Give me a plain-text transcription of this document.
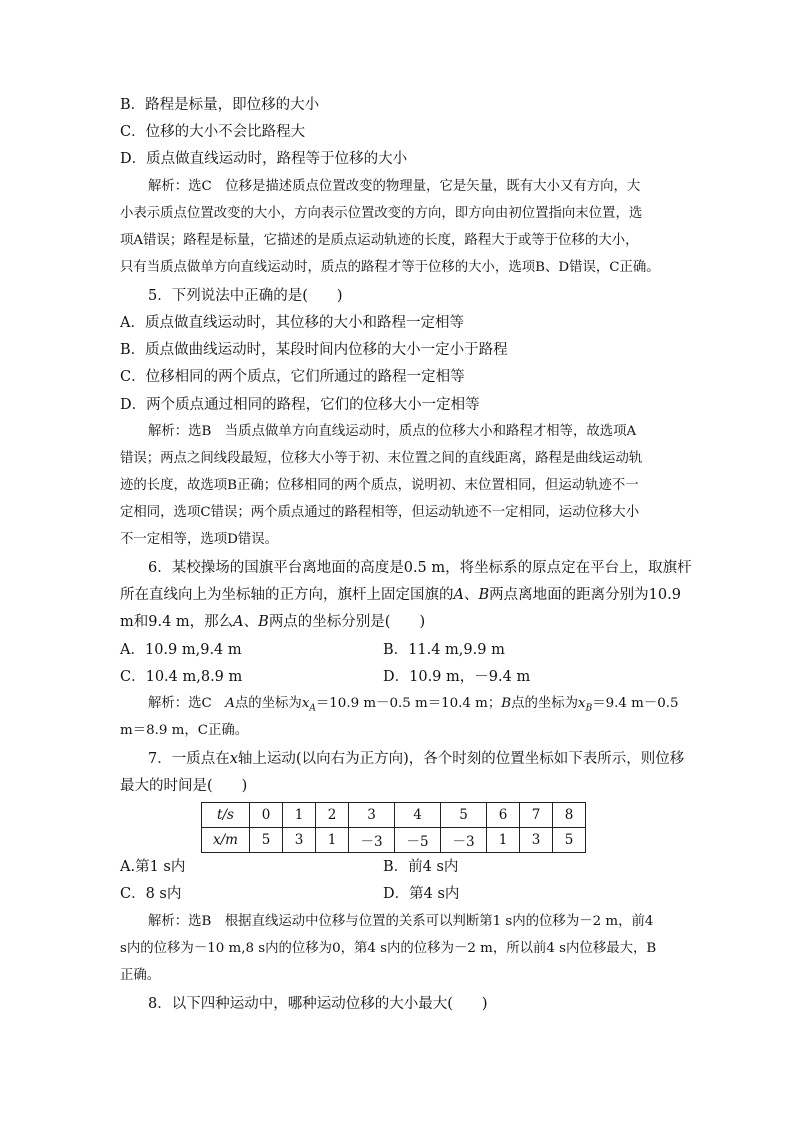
B．路程是标量，即位移的大小
C．位移的大小不会比路程大
D．质点做直线运动时，路程等于位移的大小
解析：选C　位移是描述质点位置改变的物理量，它是矢量，既有大小又有方向，大
小表示质点位置改变的大小，方向表示位置改变的方向，即方向由初位置指向末位置，选
项A错误；路程是标量，它描述的是质点运动轨迹的长度，路程大于或等于位移的大小，
只有当质点做单方向直线运动时，质点的路程才等于位移的大小，选项B、D错误，C正确。
5．下列说法中正确的是(　　)
A．质点做直线运动时，其位移的大小和路程一定相等
B．质点做曲线运动时，某段时间内位移的大小一定小于路程
C．位移相同的两个质点，它们所通过的路程一定相等
D．两个质点通过相同的路程，它们的位移大小一定相等
解析：选B　当质点做单方向直线运动时，质点的位移大小和路程才相等，故选项A
错误；两点之间线段最短，位移大小等于初、末位置之间的直线距离，路程是曲线运动轨
迹的长度，故选项B正确；位移相同的两个质点，说明初、末位置相同，但运动轨迹不一
定相同，选项C错误；两个质点通过的路程相等，但运动轨迹不一定相同，运动位移大小
不一定相等，选项D错误。
6．某校操场的国旗平台离地面的高度是0.5 m，将坐标系的原点定在平台上，取旗杆
所在直线向上为坐标轴的正方向，旗杆上固定国旗的A、B两点离地面的距离分别为10.9
m和9.4 m，那么A、B两点的坐标分别是(　　)
A．10.9 m,9.4 m	B．11.4 m,9.9 m
C．10.4 m,8.9 m	D．10.9 m，－9.4 m
解析：选C　A点的坐标为$x_A=10.9$ m－0.5 m＝10.4 m；B点的坐标为$x_B=9.4$ m－0.5
m＝8.9 m，C正确。
7．一质点在x轴上运动(以向右为正方向)，各个时刻的位置坐标如下表所示，则位移
最大的时间是(　　)
t/s	0	1	2	3	4	5	6	7	8
x/m	5	3	1	－3	－5	－3	1	3	5
A.第1 s内	B．前4 s内
C．8 s内	D．第4 s内
解析：选B　根据直线运动中位移与位置的关系可以判断第1 s内的位移为－2 m，前4
s内的位移为－10 m,8 s内的位移为0，第4 s内的位移为－2 m，所以前4 s内位移最大，B
正确。
8．以下四种运动中，哪种运动位移的大小最大(　　)
